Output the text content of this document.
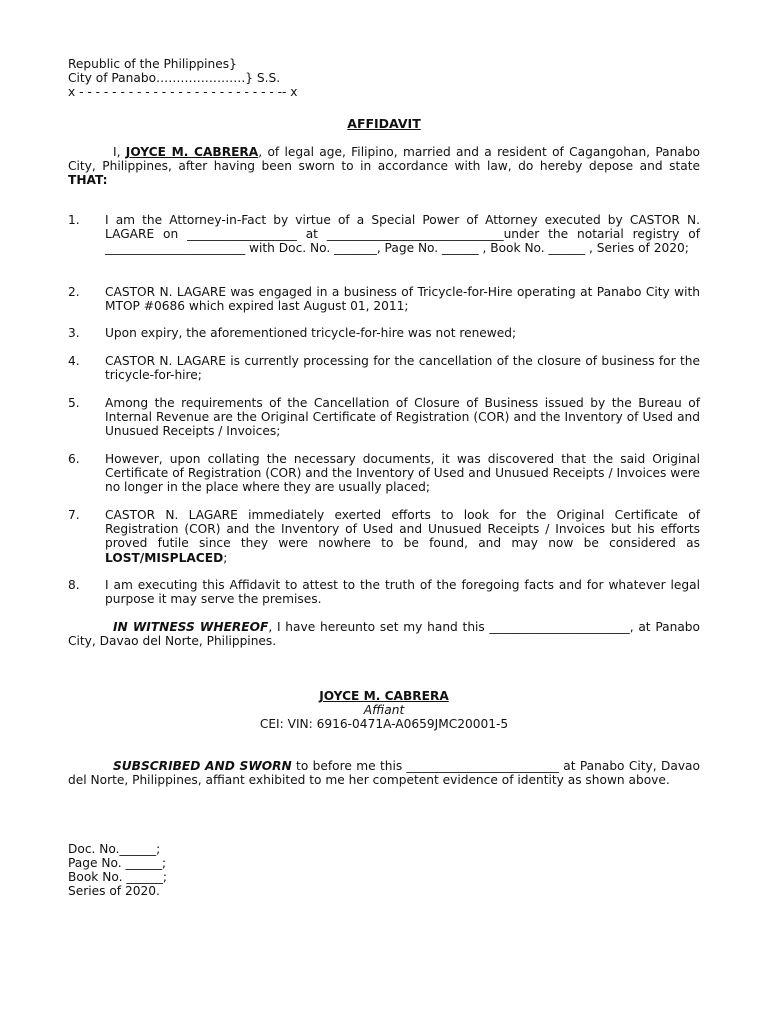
Republic of the Philippines}
City of Panabo………………….} S.S.
x - - - - - - - - - - - - - - - - - - - - - - - - -- x
AFFIDAVIT
I, JOYCE M. CABRERA, of legal age, Filipino, married and a resident of Cagangohan, Panabo City, Philippines, after having been sworn to in accordance with law, do hereby depose and state THAT:
1.	I am the Attorney-in-Fact by virtue of a Special Power of Attorney executed by CASTOR N. LAGARE on __________________ at _____________________________under the notarial registry of _______________________ with Doc. No. _______, Page No. ______ , Book No. ______ , Series of 2020;
2.	CASTOR N. LAGARE was engaged in a business of Tricycle-for-Hire operating at Panabo City with MTOP #0686 which expired last August 01, 2011;
3.	Upon expiry, the aforementioned tricycle-for-hire was not renewed;
4.	CASTOR N. LAGARE is currently processing for the cancellation of the closure of business for the tricycle-for-hire;
5.	Among the requirements of the Cancellation of Closure of Business issued by the Bureau of Internal Revenue are the Original Certificate of Registration (COR) and the Inventory of Used and Unusued Receipts / Invoices;
6.	However, upon collating the necessary documents, it was discovered that the said Original Certificate of Registration (COR) and the Inventory of Used and Unusued Receipts / Invoices were no longer in the place where they are usually placed;
7.	CASTOR N. LAGARE immediately exerted efforts to look for the Original Certificate of Registration (COR) and the Inventory of Used and Unusued Receipts / Invoices but his efforts proved futile since they were nowhere to be found, and may now be considered as LOST/MISPLACED;
8.	I am executing this Affidavit to attest to the truth of the foregoing facts and for whatever legal purpose it may serve the premises.
IN WITNESS WHEREOF, I have hereunto set my hand this _______________________, at Panabo City, Davao del Norte, Philippines.
JOYCE M. CABRERA
Affiant
CEI: VIN: 6916-0471A-A0659JMC20001-5
SUBSCRIBED AND SWORN to before me this _________________________ at Panabo City, Davao del Norte, Philippines, affiant exhibited to me her competent evidence of identity as shown above.
Doc. No.______;
Page No. ______;
Book No. ______;
Series of 2020.
